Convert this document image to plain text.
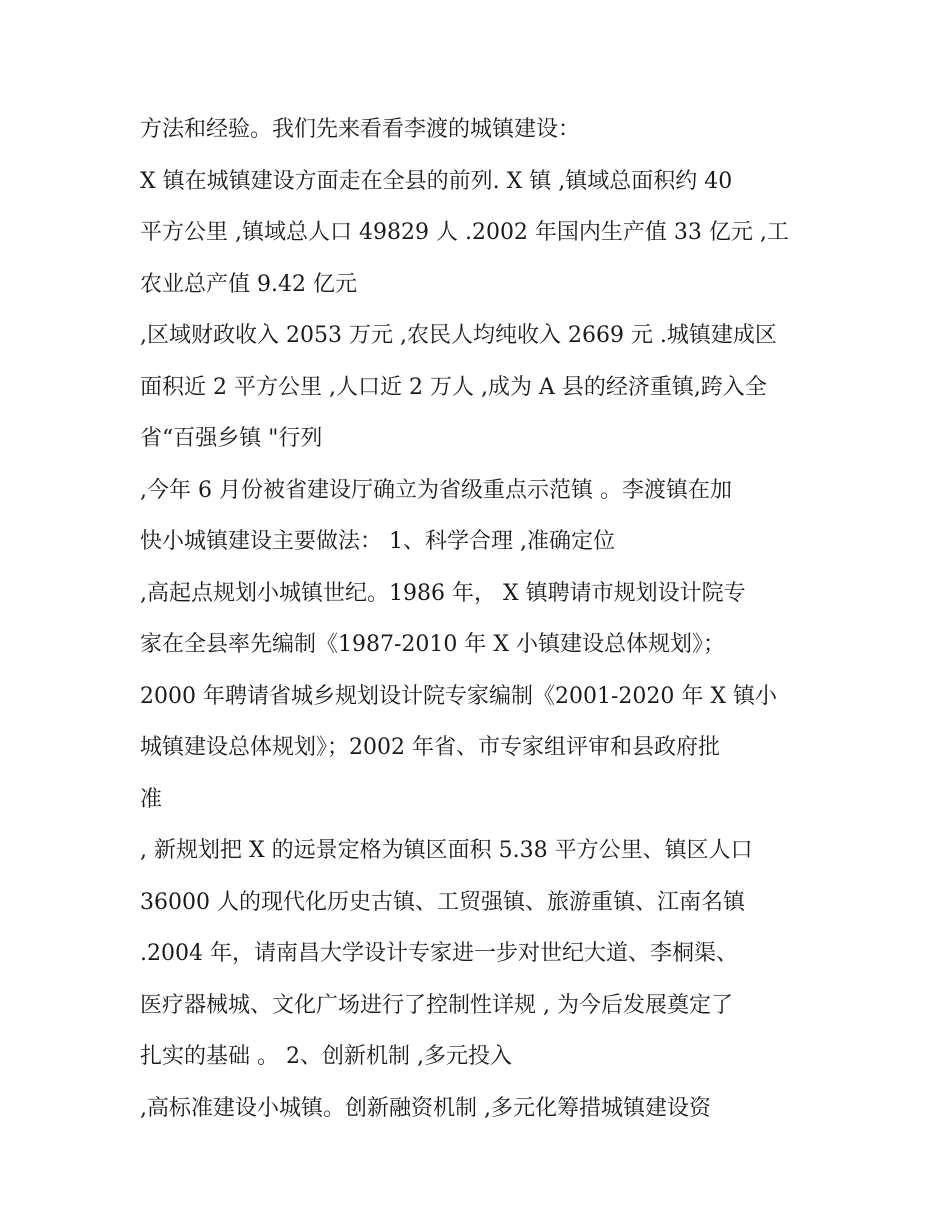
方法和经验。我们先来看看李渡的城镇建设：
X 镇在城镇建设方面走在全县的前列. X 镇 ,镇域总面积约 40
平方公里 ,镇域总人口 49829 人 .2002 年国内生产值 33 亿元 ,工
农业总产值 9.42 亿元
,区域财政收入 2053 万元 ,农民人均纯收入 2669 元 .城镇建成区
面积近 2 平方公里 ,人口近 2 万人 ,成为 A 县的经济重镇,跨入全
省“百强乡镇 "行列
,今年 6 月份被省建设厅确立为省级重点示范镇 。李渡镇在加
快小城镇建设主要做法： 1、科学合理 ,准确定位
,高起点规划小城镇世纪。1986 年， X 镇聘请市规划设计院专
家在全县率先编制《1987-2010 年 X 小镇建设总体规划》；
2000 年聘请省城乡规划设计院专家编制《2001-2020 年 X 镇小
城镇建设总体规划》；2002 年省、市专家组评审和县政府批
准
, 新规划把 X 的远景定格为镇区面积 5.38 平方公里、镇区人口
36000 人的现代化历史古镇、工贸强镇、旅游重镇、江南名镇
.2004 年，请南昌大学设计专家进一步对世纪大道、李桐渠、
医疗器械城、文化广场进行了控制性详规 , 为今后发展奠定了
扎实的基础 。 2、创新机制 ,多元投入
,高标准建设小城镇。创新融资机制 ,多元化筹措城镇建设资
